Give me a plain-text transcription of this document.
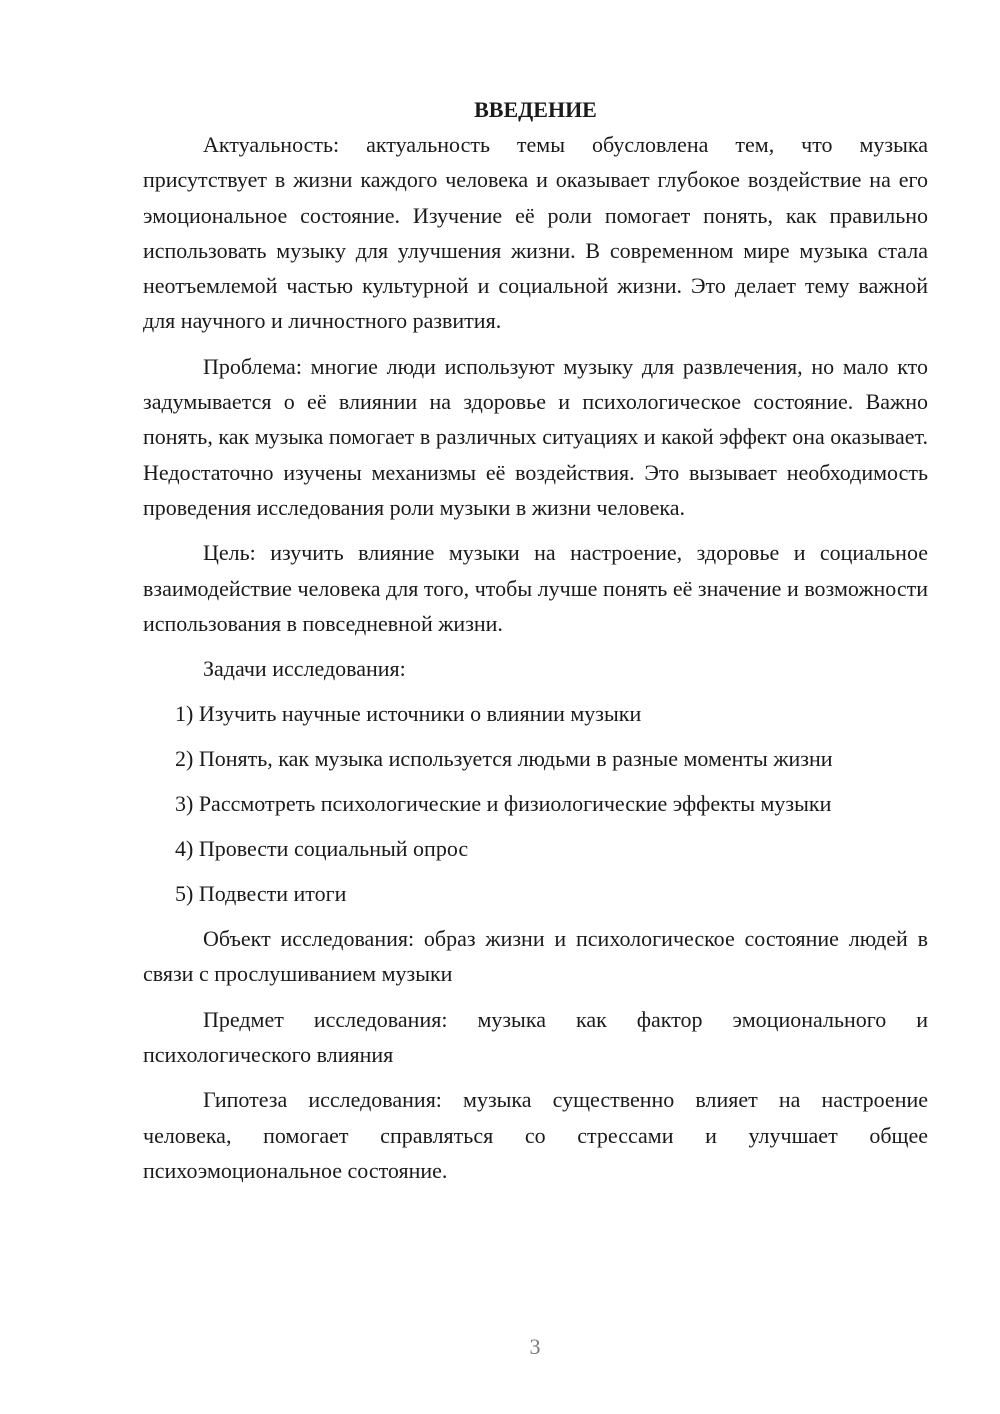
ВВЕДЕНИЕ

Актуальность: актуальность темы обусловлена тем, что музыка присутствует в жизни каждого человека и оказывает глубокое воздействие на его эмоциональное состояние. Изучение её роли помогает понять, как правильно использовать музыку для улучшения жизни. В современном мире музыка стала неотъемлемой частью культурной и социальной жизни. Это делает тему важной для научного и личностного развития.

Проблема: многие люди используют музыку для развлечения, но мало кто задумывается о её влиянии на здоровье и психологическое состояние. Важно понять, как музыка помогает в различных ситуациях и какой эффект она оказывает. Недостаточно изучены механизмы её воздействия. Это вызывает необходимость проведения исследования роли музыки в жизни человека.

Цель: изучить влияние музыки на настроение, здоровье и социальное взаимодействие человека для того, чтобы лучше понять её значение и возможности использования в повседневной жизни.

Задачи исследования:

1) Изучить научные источники о влиянии музыки

2) Понять, как музыка используется людьми в разные моменты жизни

3) Рассмотреть психологические и физиологические эффекты музыки

4) Провести социальный опрос

5) Подвести итоги

Объект исследования: образ жизни и психологическое состояние людей в связи с прослушиванием музыки

Предмет исследования: музыка как фактор эмоционального и психологического влияния

Гипотеза исследования: музыка существенно влияет на настроение человека, помогает справляться со стрессами и улучшает общее психоэмоциональное состояние.

3
